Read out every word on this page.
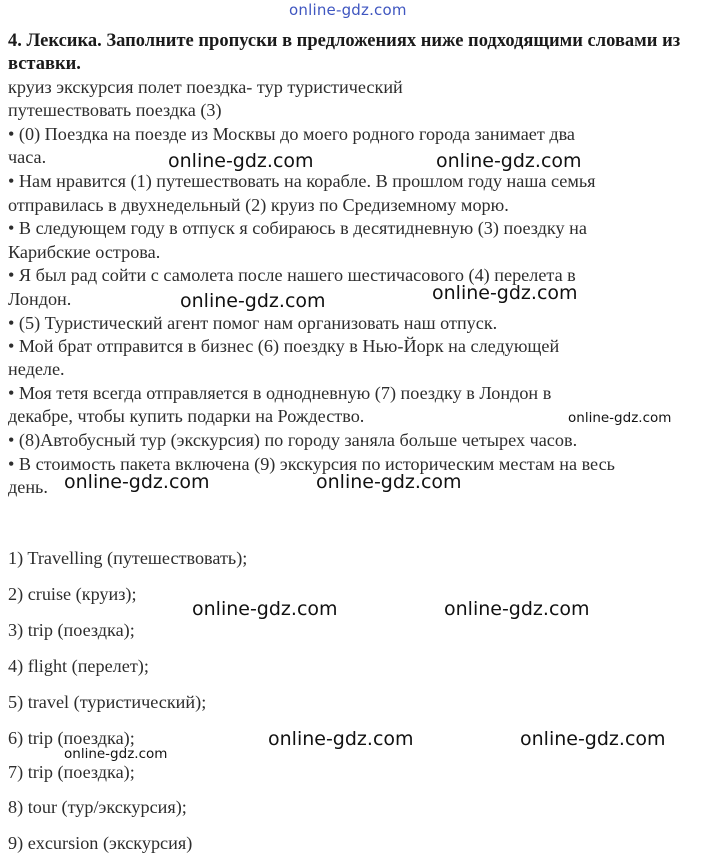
online-gdz.com
4. Лексика. Заполните пропуски в предложениях ниже подходящими словами из вставки.
круиз экскурсия полет поездка- тур туристический
путешествовать поездка (3)
• (0) Поездка на поезде из Москвы до моего родного города занимает два
часа.
• Нам нравится (1) путешествовать на корабле. В прошлом году наша семья
отправилась в двухнедельный (2) круиз по Средиземному морю.
• В следующем году в отпуск я собираюсь в десятидневную (3) поездку на
Карибские острова.
• Я был рад сойти с самолета после нашего шестичасового (4) перелета в
Лондон.
• (5) Туристический агент помог нам организовать наш отпуск.
• Мой брат отправится в бизнес (6) поездку в Нью-Йорк на следующей
неделе.
• Моя тетя всегда отправляется в однодневную (7) поездку в Лондон в
декабре, чтобы купить подарки на Рождество.
• (8)Автобусный тур (экскурсия) по городу заняла больше четырех часов.
• В стоимость пакета включена (9) экскурсия по историческим местам на весь
день.
1) Travelling (путешествовать);
2) cruise (круиз);
3) trip (поездка);
4) flight (перелет);
5) travel (туристический);
6) trip (поездка);
7) trip (поездка);
8) tour (тур/экскурсия);
9) excursion (экскурсия)
online-gdz.com	online-gdz.com
online-gdz.com	online-gdz.com
online-gdz.com
online-gdz.com	online-gdz.com
online-gdz.com	online-gdz.com
online-gdz.com	online-gdz.com
online-gdz.com
